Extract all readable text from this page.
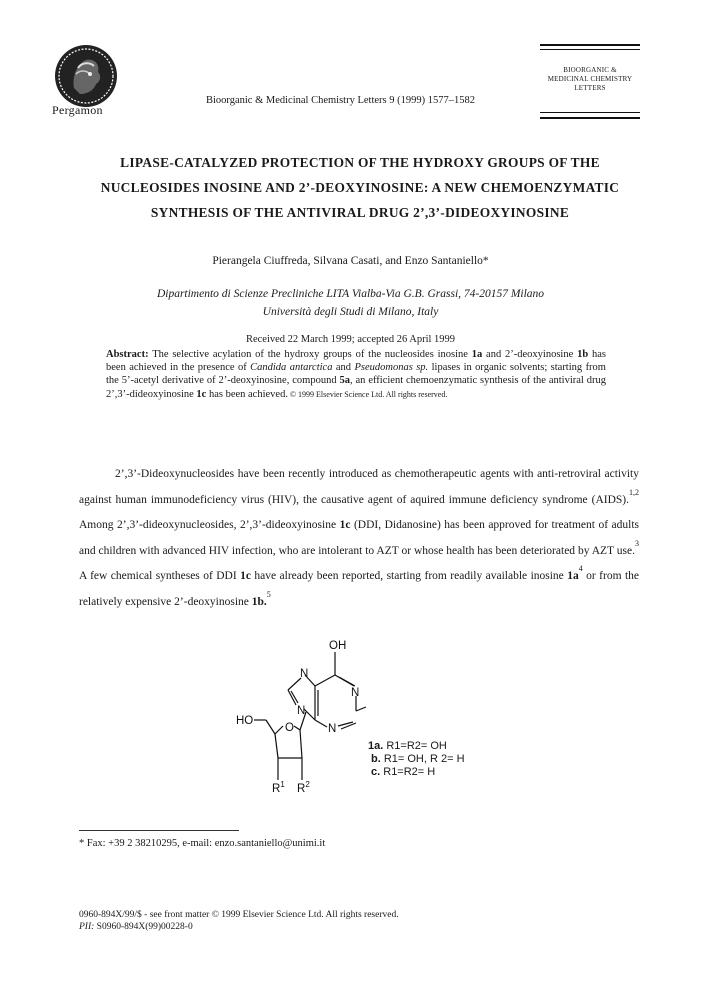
Pergamon
Bioorganic & Medicinal Chemistry Letters 9 (1999) 1577–1582
BIOORGANIC &
MEDICINAL CHEMISTRY
LETTERS
LIPASE-CATALYZED PROTECTION OF THE HYDROXY GROUPS OF THE
NUCLEOSIDES INOSINE AND 2’-DEOXYINOSINE: A NEW CHEMOENZYMATIC
SYNTHESIS OF THE ANTIVIRAL DRUG 2’,3’-DIDEOXYINOSINE
Pierangela Ciuffreda, Silvana Casati, and Enzo Santaniello*
Dipartimento di Scienze Precliniche LITA Vialba-Via G.B. Grassi, 74-20157 Milano
Università degli Studi di Milano, Italy
Received 22 March 1999; accepted 26 April 1999
Abstract: The selective acylation of the hydroxy groups of the nucleosides inosine 1a and 2’-deoxyinosine 1b has been achieved in the presence of Candida antarctica and Pseudomonas sp. lipases in organic solvents; starting from the 5’-acetyl derivative of 2’-deoxyinosine, compound 5a, an efficient chemoenzymatic synthesis of the antiviral drug 2’,3’-dideoxyinosine 1c has been achieved. © 1999 Elsevier Science Ltd. All rights reserved.

2’,3’-Dideoxynucleosides have been recently introduced as chemotherapeutic agents with anti-retroviral activity against human immunodeficiency virus (HIV), the causative agent of aquired immune deficiency syndrome (AIDS).$^{1,2}$ Among 2’,3’-dideoxynucleosides, 2’,3’-dideoxyinosine 1c (DDI, Didanosine) has been approved for treatment of adults and children with advanced HIV infection, who are intolerant to AZT or whose health has been deteriorated by AZT use.$^3$ A few chemical syntheses of DDI 1c have already been reported, starting from readily available inosine $1a^4$ or from the relatively expensive 2’-deoxyinosine 1b.$^5$

OH
N
N
N
N
O
HO
$R^1$ $R^2$
1a. R1=R2= OH
b. R1= OH, R 2= H
c. R1=R2= H
* Fax: +39 2 38210295, e-mail: enzo.santaniello@unimi.it
0960-894X/99/$ - see front matter © 1999 Elsevier Science Ltd. All rights reserved.
PII: S0960-894X(99)00228-0
